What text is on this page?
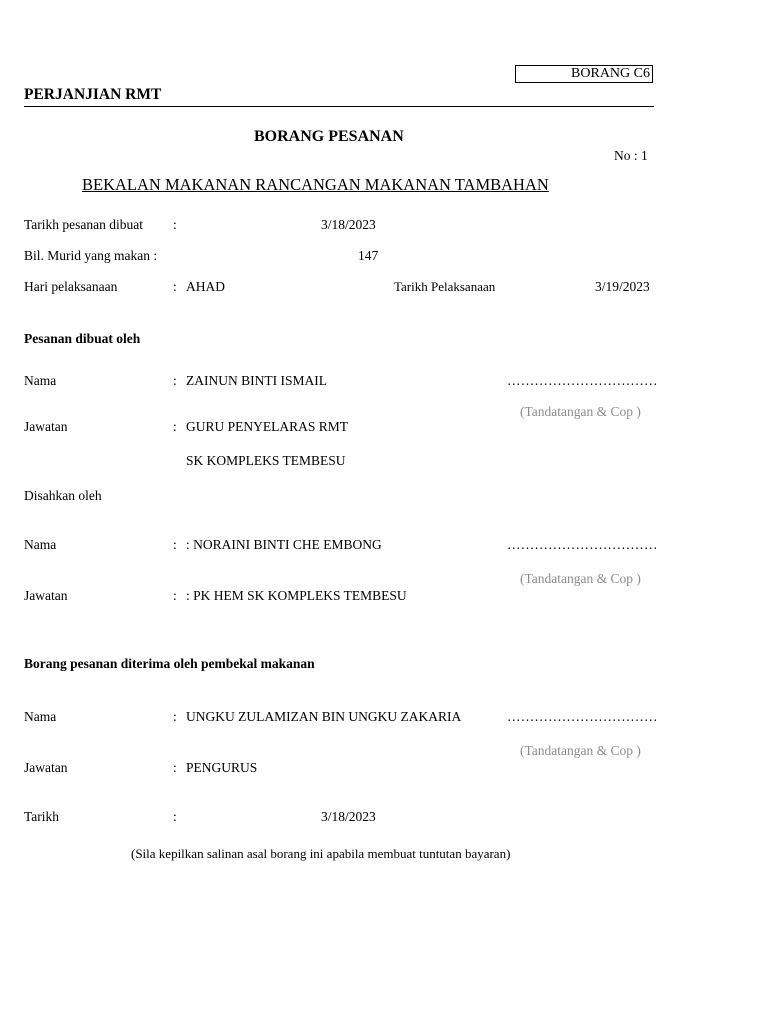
BORANG C6
PERJANJIAN RMT
BORANG PESANAN
No : 1
BEKALAN MAKANAN RANCANGAN MAKANAN TAMBAHAN
Tarikh pesanan dibuat :	3/18/2023
Bil. Murid yang makan :	147
Hari pelaksanaan	: AHAD	Tarikh Pelaksanaan	3/19/2023
Pesanan dibuat oleh
Nama	: ZAINUN BINTI ISMAIL	……………………………
(Tandatangan & Cop )
Jawatan	: GURU PENYELARAS RMT
SK KOMPLEKS TEMBESU
Disahkan oleh
Nama	: : NORAINI BINTI CHE EMBONG	……………………………
(Tandatangan & Cop )
Jawatan	: : PK HEM SK KOMPLEKS TEMBESU
Borang pesanan diterima oleh pembekal makanan
Nama	: UNGKU ZULAMIZAN BIN UNGKU ZAKARIA	……………………………
(Tandatangan & Cop )
Jawatan	: PENGURUS
Tarikh	:	3/18/2023
(Sila kepilkan salinan asal borang ini apabila membuat tuntutan bayaran)
